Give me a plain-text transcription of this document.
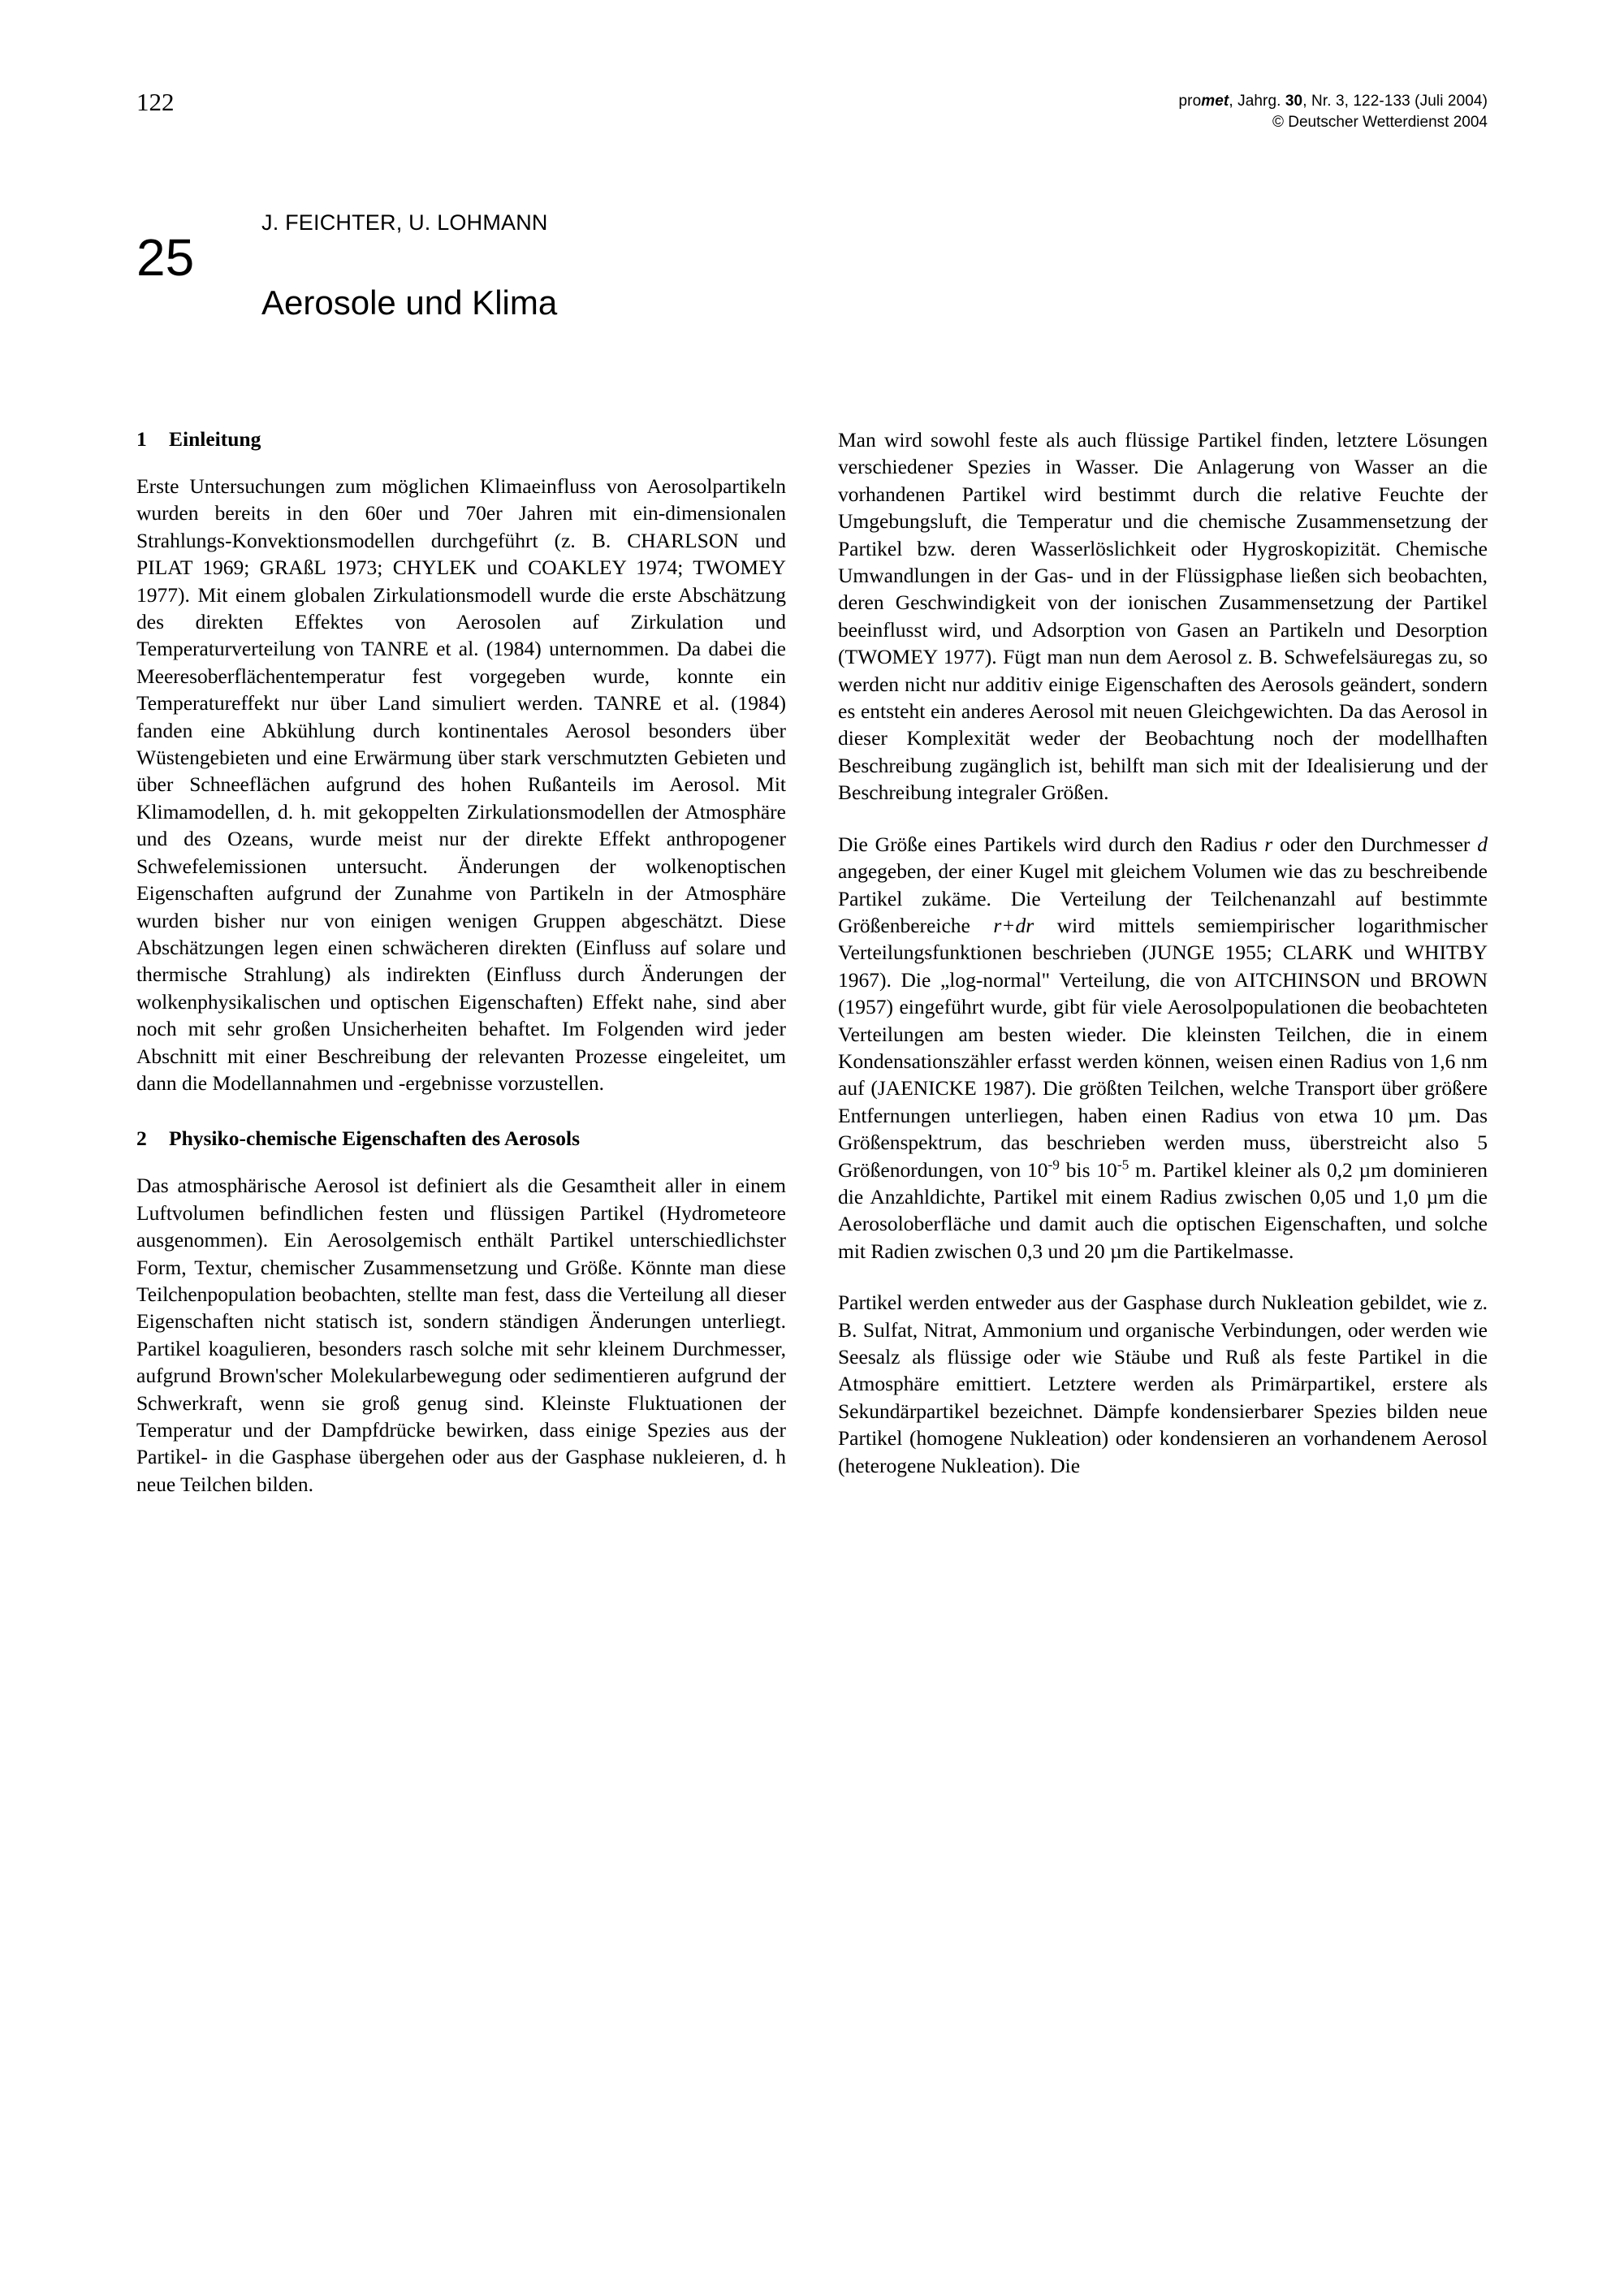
122	promet, Jahrg. 30, Nr. 3, 122-133 (Juli 2004)
© Deutscher Wetterdienst 2004
25
J. FEICHTER, U. LOHMANN
Aerosole und Klima
1 Einleitung

Erste Untersuchungen zum möglichen Klimaeinfluss von Aerosolpartikeln wurden bereits in den 60er und 70er Jahren mit ein-dimensionalen Strahlungs-Konvektionsmodellen durchgeführt (z. B. CHARLSON und PILAT 1969; GRAßL 1973; CHYLEK und COAKLEY 1974; TWOMEY 1977). Mit einem globalen Zirkulationsmodell wurde die erste Abschätzung des direkten Effektes von Aerosolen auf Zirkulation und Temperaturverteilung von TANRE et al. (1984) unternommen. Da dabei die Meeresoberflächentemperatur fest vorgegeben wurde, konnte ein Temperatureffekt nur über Land simuliert werden. TANRE et al. (1984) fanden eine Abkühlung durch kontinentales Aerosol besonders über Wüstengebieten und eine Erwärmung über stark verschmutzten Gebieten und über Schneeflächen aufgrund des hohen Rußanteils im Aerosol. Mit Klimamodellen, d. h. mit gekoppelten Zirkulationsmodellen der Atmosphäre und des Ozeans, wurde meist nur der direkte Effekt anthropogener Schwefelemissionen untersucht. Änderungen der wolkenoptischen Eigenschaften aufgrund der Zunahme von Partikeln in der Atmosphäre wurden bisher nur von einigen wenigen Gruppen abgeschätzt. Diese Abschätzungen legen einen schwächeren direkten (Einfluss auf solare und thermische Strahlung) als indirekten (Einfluss durch Änderungen der wolkenphysikalischen und optischen Eigenschaften) Effekt nahe, sind aber noch mit sehr großen Unsicherheiten behaftet. Im Folgenden wird jeder Abschnitt mit einer Beschreibung der relevanten Prozesse eingeleitet, um dann die Modellannahmen und -ergebnisse vorzustellen.

2 Physiko-chemische Eigenschaften des Aerosols

Das atmosphärische Aerosol ist definiert als die Gesamtheit aller in einem Luftvolumen befindlichen festen und flüssigen Partikel (Hydrometeore ausgenommen). Ein Aerosolgemisch enthält Partikel unterschiedlichster Form, Textur, chemischer Zusammensetzung und Größe. Könnte man diese Teilchenpopulation beobachten, stellte man fest, dass die Verteilung all dieser Eigenschaften nicht statisch ist, sondern ständigen Änderungen unterliegt. Partikel koagulieren, besonders rasch solche mit sehr kleinem Durchmesser, aufgrund Brown'scher Molekularbewegung oder sedimentieren aufgrund der Schwerkraft, wenn sie groß genug sind. Kleinste Fluktuationen der Temperatur und der Dampfdrücke bewirken, dass einige Spezies aus der Partikel- in die Gasphase übergehen oder aus der Gasphase nukleieren, d. h neue Teilchen bilden.

Man wird sowohl feste als auch flüssige Partikel finden, letztere Lösungen verschiedener Spezies in Wasser. Die Anlagerung von Wasser an die vorhandenen Partikel wird bestimmt durch die relative Feuchte der Umgebungsluft, die Temperatur und die chemische Zusammensetzung der Partikel bzw. deren Wasserlöslichkeit oder Hygroskopizität. Chemische Umwandlungen in der Gas- und in der Flüssigphase ließen sich beobachten, deren Geschwindigkeit von der ionischen Zusammensetzung der Partikel beeinflusst wird, und Adsorption von Gasen an Partikeln und Desorption (TWOMEY 1977). Fügt man nun dem Aerosol z. B. Schwefelsäuregas zu, so werden nicht nur additiv einige Eigenschaften des Aerosols geändert, sondern es entsteht ein anderes Aerosol mit neuen Gleichgewichten. Da das Aerosol in dieser Komplexität weder der Beobachtung noch der modellhaften Beschreibung zugänglich ist, behilft man sich mit der Idealisierung und der Beschreibung integraler Größen.

Die Größe eines Partikels wird durch den Radius r oder den Durchmesser d angegeben, der einer Kugel mit gleichem Volumen wie das zu beschreibende Partikel zukäme. Die Verteilung der Teilchenanzahl auf bestimmte Größenbereiche r+dr wird mittels semiempirischer logarithmischer Verteilungsfunktionen beschrieben (JUNGE 1955; CLARK und WHITBY 1967). Die „log-normal" Verteilung, die von AITCHINSON und BROWN (1957) eingeführt wurde, gibt für viele Aerosolpopulationen die beobachteten Verteilungen am besten wieder. Die kleinsten Teilchen, die in einem Kondensationszähler erfasst werden können, weisen einen Radius von 1,6 nm auf (JAENICKE 1987). Die größten Teilchen, welche Transport über größere Entfernungen unterliegen, haben einen Radius von etwa 10 µm. Das Größenspektrum, das beschrieben werden muss, überstreicht also 5 Größenordungen, von $10^{-9}$ bis $10^{-5}$ m. Partikel kleiner als 0,2 µm dominieren die Anzahldichte, Partikel mit einem Radius zwischen 0,05 und 1,0 µm die Aerosoloberfläche und damit auch die optischen Eigenschaften, und solche mit Radien zwischen 0,3 und 20 µm die Partikelmasse.

Partikel werden entweder aus der Gasphase durch Nukleation gebildet, wie z. B. Sulfat, Nitrat, Ammonium und organische Verbindungen, oder werden wie Seesalz als flüssige oder wie Stäube und Ruß als feste Partikel in die Atmosphäre emittiert. Letztere werden als Primärpartikel, erstere als Sekundärpartikel bezeichnet. Dämpfe kondensierbarer Spezies bilden neue Partikel (homogene Nukleation) oder kondensieren an vorhandenem Aerosol (heterogene Nukleation). Die
